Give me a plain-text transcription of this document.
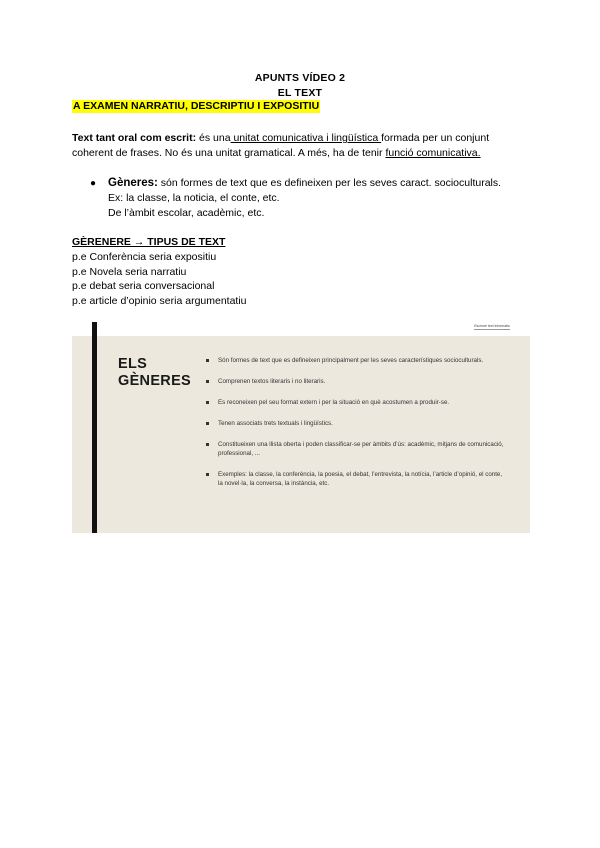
APUNTS VÍDEO 2
EL TEXT
A EXAMEN NARRATIU, DESCRIPTIU I EXPOSITIU
Text tant oral com escrit: és una unitat comunicativa i lingüística formada per un conjunt coherent de frases. No és una unitat gramatical. A més, ha de tenir funció comunicativa.
● Gèneres: són formes de text que es defineixen per les seves caract. socioculturals.
Ex: la classe, la noticia, el conte, etc.
De l’àmbit escolar, acadèmic, etc.
GÈRENERE → TIPUS DE TEXT
p.e Conferència seria expositiu
p.e Novela seria narratiu
p.e debat seria conversacional
p.e article d’opinio seria argumentatiu
Escriure text informatiu
ELS
GÈNERES
Són formes de text que es defineixen principalment per les seves característiques socioculturals.
Comprenen textos literaris i no literaris.
Es reconeixen pel seu format extern i per la situació en què acostumen a produir-se.
Tenen associats trets textuals i lingüístics.
Constitueixen una llista oberta i poden classificar-se per àmbits d’ús: acadèmic, mitjans de comunicació, professional, ...
Exemples: la classe, la conferència, la poesia, el debat, l’entrevista, la notícia, l’article d’opinió, el conte, la novel·la, la conversa, la instància, etc.
